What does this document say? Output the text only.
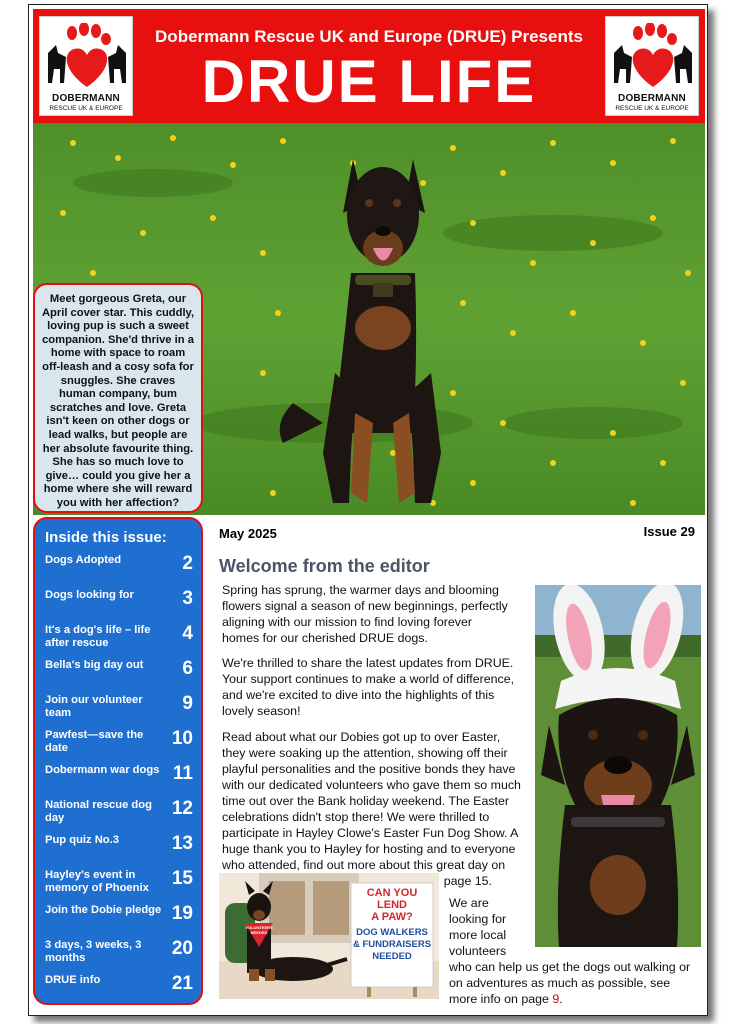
DOBERMANN
RESCUE UK & EUROPE
Dobermann Rescue UK and Europe (DRUE) Presents
DRUE LIFE	DOBERMANN
RESCUE UK & EUROPE
Meet gorgeous Greta, our April cover star. This cuddly, loving pup is such a sweet companion. She'd thrive in a home with space to roam off-leash and a cosy sofa for snuggles. She craves human company, bum scratches and love. Greta isn't keen on other dogs or lead walks, but people are her absolute favourite thing. She has so much love to give… could you give her a home where she will reward you with her affection?
Inside this issue:
Dogs Adopted	2
Dogs looking for	3
It's a dog's life – life after rescue	4
Bella's big day out	6
Join our volunteer team	9
Pawfest—save the date	10
Dobermann war dogs 11
National rescue dog day	12
Pup quiz No.3	13
Hayley's event in memory of Phoenix	15
Join the Dobie pledge 19
3 days, 3 weeks, 3 months	20
DRUE info	21
May 2025	Issue 29
Welcome from the editor
Spring has sprung, the warmer days and blooming flowers signal a season of new beginnings, perfectly aligning with our mission to find loving forever homes for our cherished DRUE dogs.
We're thrilled to share the latest updates from DRUE. Your support continues to make a world of difference, and we're excited to dive into the highlights of this lovely season!
Read about what our Dobies got up to over Easter, they were soaking up the attention, showing off their playful personalities and the positive bonds they have with our dedicated volunteers who gave them so much time out over the Bank holiday weekend. The Easter celebrations didn't stop there! We were thrilled to participate in Hayley Clowe's Easter Fun Dog Show. A huge thank you to Hayley for hosting and to everyone who attended, find out more about this great day on
page 15.
We are looking for more local volunteers
who can help us get the dogs out walking or on adventures as much as possible, see more info on page 9.
CAN YOU
LEND
A PAW?
DOG WALKERS
& FUNDRAISERS
NEEDED
VOLUNTEERS NEEDED
